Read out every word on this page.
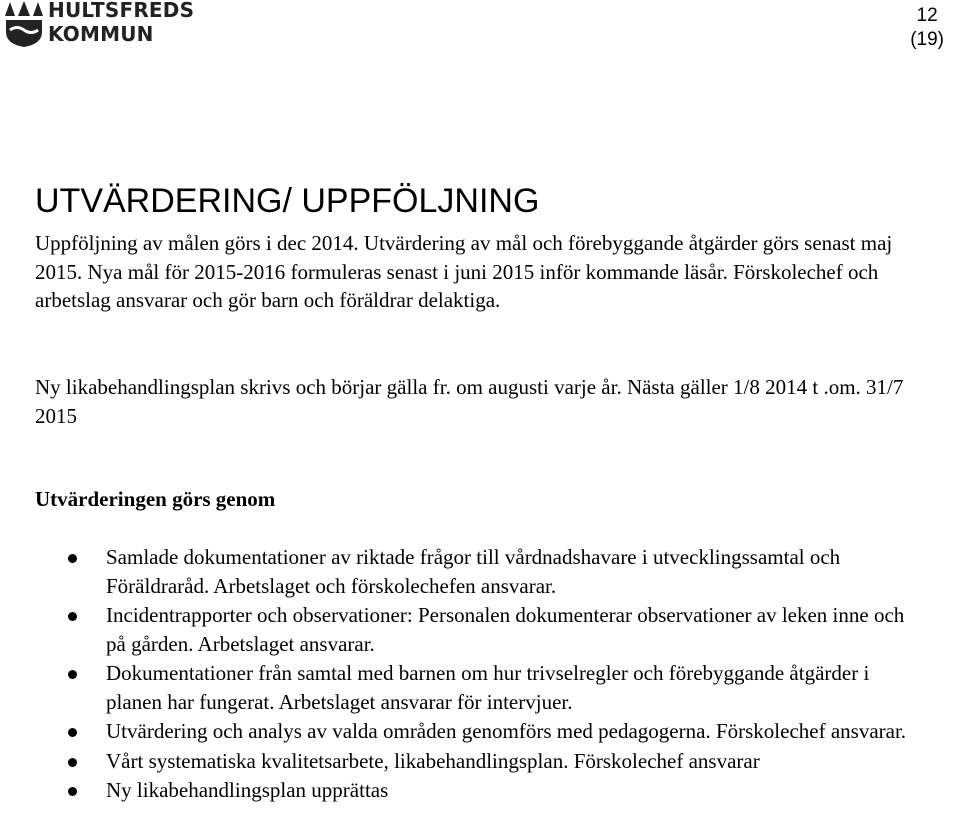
HULTSFREDS
KOMMUN
12
(19)
UTVÄRDERING/ UPPFÖLJNING

Uppföljning av målen görs i dec 2014. Utvärdering av mål och förebyggande åtgärder görs senast maj 2015. Nya mål för 2015-2016 formuleras senast i juni 2015 inför kommande läsår. Förskolechef och arbetslag ansvarar och gör barn och föräldrar delaktiga.

Ny likabehandlingsplan skrivs och börjar gälla fr. om augusti varje år. Nästa gäller 1/8 2014 t .om. 31/7 2015

Utvärderingen görs genom
Samlade dokumentationer av riktade frågor till vårdnadshavare i utvecklingssamtal och Föräldraråd. Arbetslaget och förskolechefen ansvarar.
Incidentrapporter och observationer: Personalen dokumenterar observationer av leken inne och på gården. Arbetslaget ansvarar.
Dokumentationer från samtal med barnen om hur trivselregler och förebyggande åtgärder i planen har fungerat. Arbetslaget ansvarar för intervjuer.
Utvärdering och analys av valda områden genomförs med pedagogerna. Förskolechef ansvarar.
Vårt systematiska kvalitetsarbete, likabehandlingsplan. Förskolechef ansvarar
Ny likabehandlingsplan upprättas
